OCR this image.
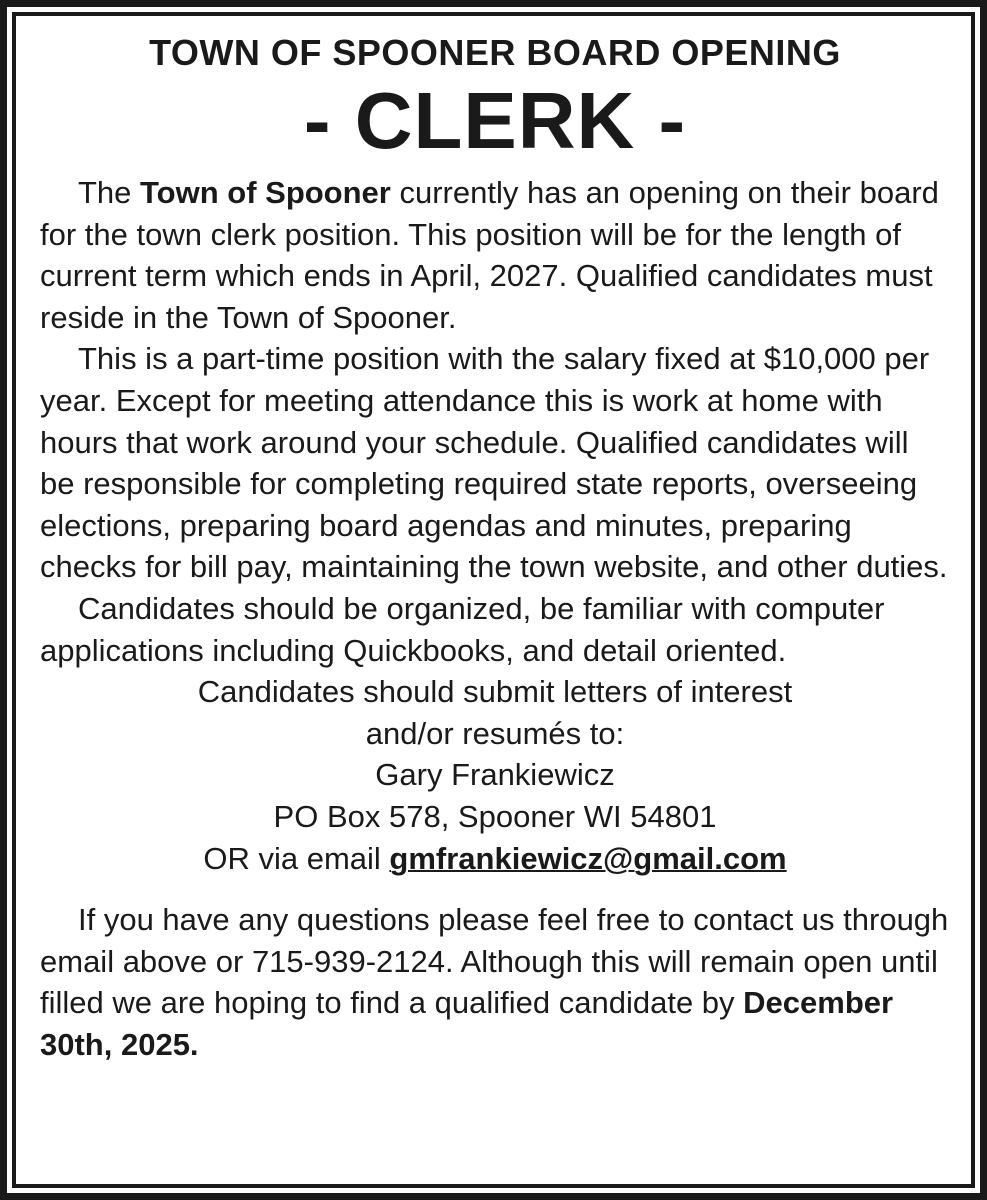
TOWN OF SPOONER BOARD OPENING
- CLERK -

The Town of Spooner currently has an opening on their board for the town clerk position. This position will be for the length of current term which ends in April, 2027. Qualified candidates must reside in the Town of Spooner.

This is a part-time position with the salary fixed at $10,000 per year. Except for meeting attendance this is work at home with hours that work around your schedule. Qualified candidates will be responsible for completing required state reports, overseeing elections, preparing board agendas and minutes, preparing checks for bill pay, maintaining the town website, and other duties.

Candidates should be organized, be familiar with computer applications including Quickbooks, and detail oriented.

Candidates should submit letters of interest

and/or resumés to:

Gary Frankiewicz

PO Box 578, Spooner WI 54801

OR via email gmfrankiewicz@gmail.com

If you have any questions please feel free to contact us through email above or 715-939-2124. Although this will remain open until filled we are hoping to find a qualified candidate by December 30th, 2025.
